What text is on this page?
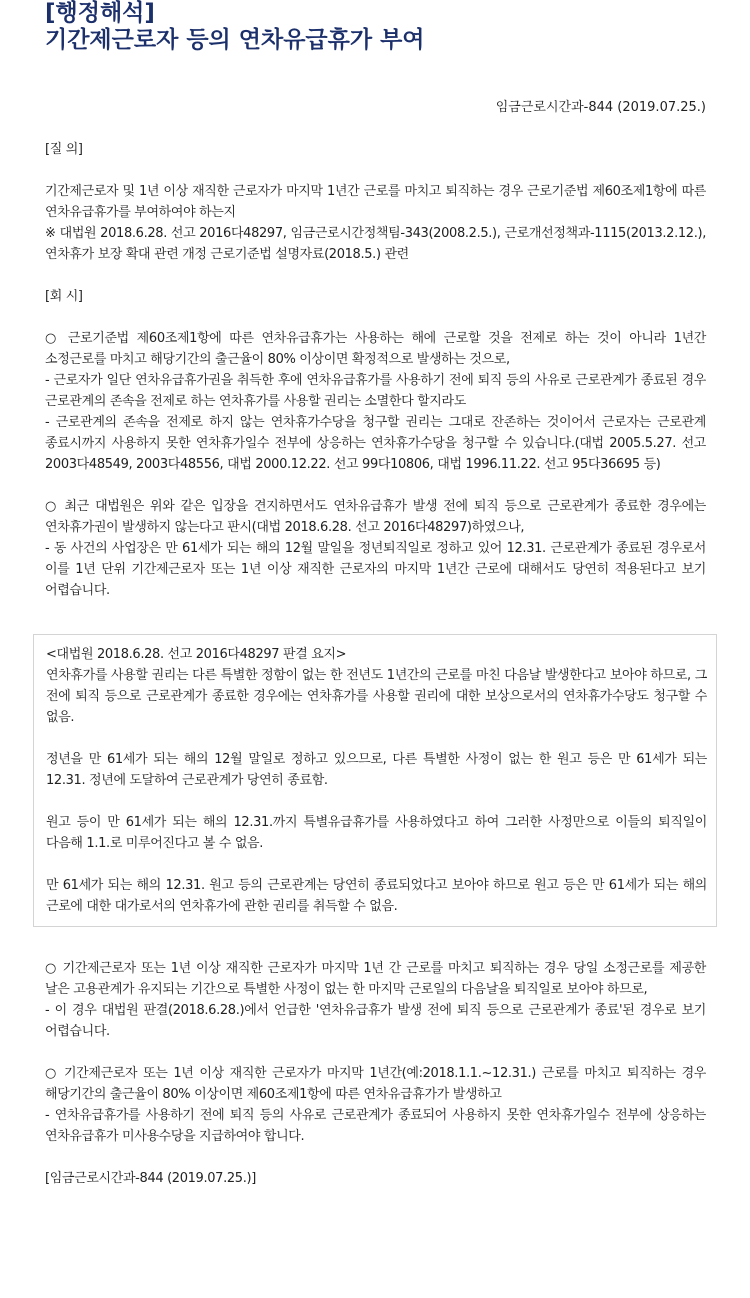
[행정해석]
기간제근로자 등의 연차유급휴가 부여
임금근로시간과-844 (2019.07.25.)

[질 의]

기간제근로자 및 1년 이상 재직한 근로자가 마지막 1년간 근로를 마치고 퇴직하는 경우 근로기준법 제60조제1항에 따른 연차유급휴가를 부여하여야 하는지

※ 대법원 2018.6.28. 선고 2016다48297, 임금근로시간정책팀-343(2008.2.5.), 근로개선정책과-1115(2013.2.12.), 연차휴가 보장 확대 관련 개정 근로기준법 설명자료(2018.5.) 관련

[회 시]

○ 근로기준법 제60조제1항에 따른 연차유급휴가는 사용하는 해에 근로할 것을 전제로 하는 것이 아니라 1년간 소정근로를 마치고 해당기간의 출근율이 80% 이상이면 확정적으로 발생하는 것으로,

- 근로자가 일단 연차유급휴가권을 취득한 후에 연차유급휴가를 사용하기 전에 퇴직 등의 사유로 근로관계가 종료된 경우 근로관계의 존속을 전제로 하는 연차휴가를 사용할 권리는 소멸한다 할지라도

- 근로관계의 존속을 전제로 하지 않는 연차휴가수당을 청구할 권리는 그대로 잔존하는 것이어서 근로자는 근로관계 종료시까지 사용하지 못한 연차휴가일수 전부에 상응하는 연차휴가수당을 청구할 수 있습니다.(대법 2005.5.27. 선고 2003다48549, 2003다48556, 대법 2000.12.22. 선고 99다10806, 대법 1996.11.22. 선고 95다36695 등)

○ 최근 대법원은 위와 같은 입장을 견지하면서도 연차유급휴가 발생 전에 퇴직 등으로 근로관계가 종료한 경우에는 연차휴가권이 발생하지 않는다고 판시(대법 2018.6.28. 선고 2016다48297)하였으나,

- 동 사건의 사업장은 만 61세가 되는 해의 12월 말일을 정년퇴직일로 정하고 있어 12.31. 근로관계가 종료된 경우로서 이를 1년 단위 기간제근로자 또는 1년 이상 재직한 근로자의 마지막 1년간 근로에 대해서도 당연히 적용된다고 보기 어렵습니다.

<대법원 2018.6.28. 선고 2016다48297 판결 요지>

연차휴가를 사용할 권리는 다른 특별한 정함이 없는 한 전년도 1년간의 근로를 마친 다음날 발생한다고 보아야 하므로, 그 전에 퇴직 등으로 근로관계가 종료한 경우에는 연차휴가를 사용할 권리에 대한 보상으로서의 연차휴가수당도 청구할 수 없음.

정년을 만 61세가 되는 해의 12월 말일로 정하고 있으므로, 다른 특별한 사정이 없는 한 원고 등은 만 61세가 되는 12.31. 정년에 도달하여 근로관계가 당연히 종료함.

원고 등이 만 61세가 되는 해의 12.31.까지 특별유급휴가를 사용하였다고 하여 그러한 사정만으로 이들의 퇴직일이 다음해 1.1.로 미루어진다고 볼 수 없음.

만 61세가 되는 해의 12.31. 원고 등의 근로관계는 당연히 종료되었다고 보아야 하므로 원고 등은 만 61세가 되는 해의 근로에 대한 대가로서의 연차휴가에 관한 권리를 취득할 수 없음.

○ 기간제근로자 또는 1년 이상 재직한 근로자가 마지막 1년 간 근로를 마치고 퇴직하는 경우 당일 소정근로를 제공한 날은 고용관계가 유지되는 기간으로 특별한 사정이 없는 한 마지막 근로일의 다음날을 퇴직일로 보아야 하므로,

- 이 경우 대법원 판결(2018.6.28.)에서 언급한 '연차유급휴가 발생 전에 퇴직 등으로 근로관계가 종료'된 경우로 보기 어렵습니다.

○ 기간제근로자 또는 1년 이상 재직한 근로자가 마지막 1년간(예:2018.1.1.~12.31.) 근로를 마치고 퇴직하는 경우 해당기간의 출근율이 80% 이상이면 제60조제1항에 따른 연차유급휴가가 발생하고

- 연차유급휴가를 사용하기 전에 퇴직 등의 사유로 근로관계가 종료되어 사용하지 못한 연차휴가일수 전부에 상응하는 연차유급휴가 미사용수당을 지급하여야 합니다.

[임금근로시간과-844 (2019.07.25.)]
